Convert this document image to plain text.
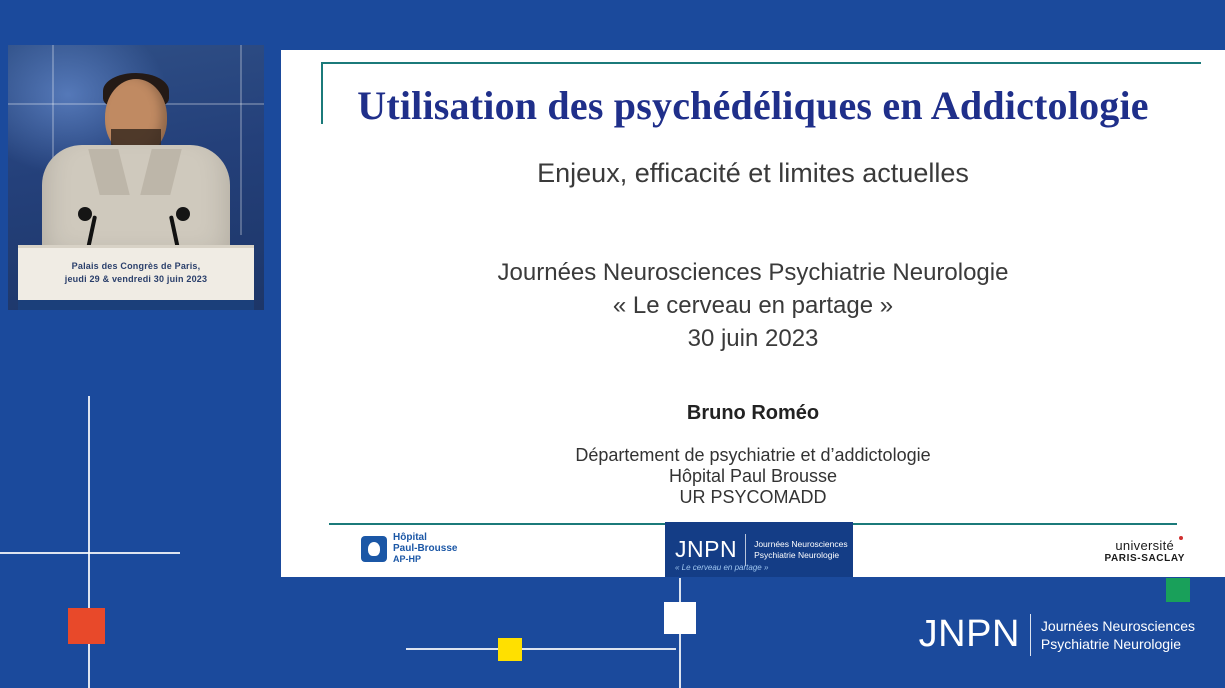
Palais des Congrès de Paris,
jeudi 29 & vendredi 30 juin 2023
Utilisation des psychédéliques en Addictologie
Enjeux, efficacité et limites actuelles
Journées Neurosciences Psychiatrie Neurologie
« Le cerveau en partage »
30 juin 2023
Bruno Roméo
Département de psychiatrie et d’addictologie
Hôpital Paul Brousse
UR PSYCOMADD
Hôpital
Paul-Brousse
AP-HP	JNPN Journées Neurosciences
Psychiatrie Neurologie
« Le cerveau en partage »
université
PARIS-SACLAY
JNPN Journées Neurosciences
Psychiatrie Neurologie
